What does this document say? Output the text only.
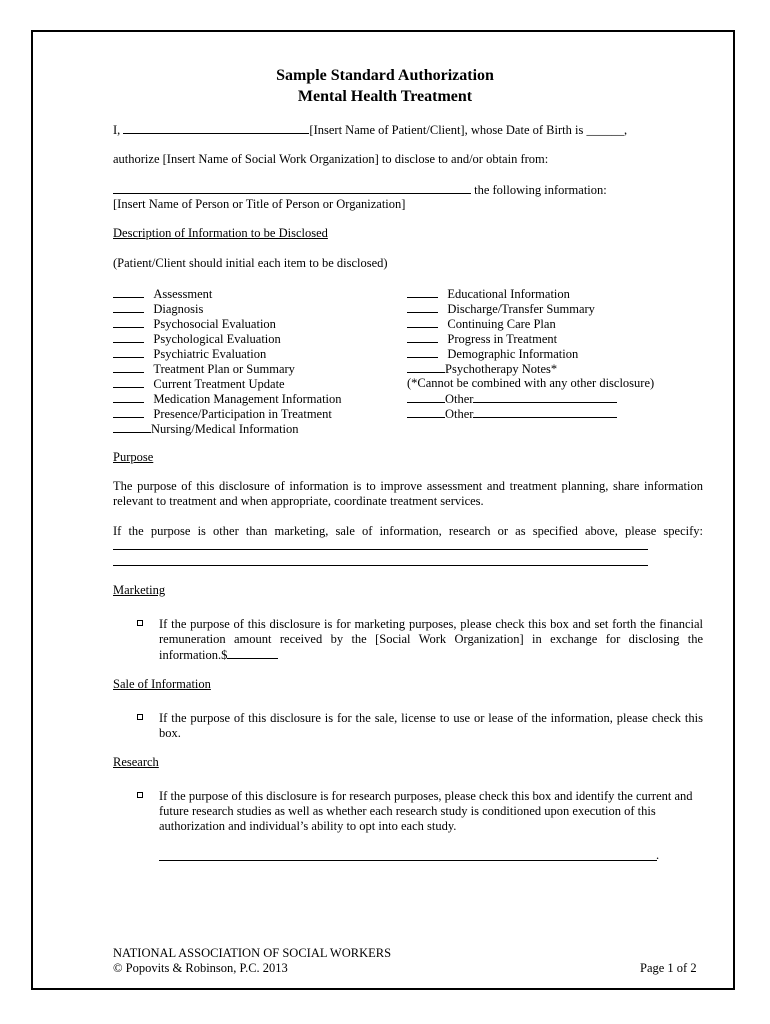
Sample Standard Authorization
Mental Health Treatment
I,	[Insert Name of Patient/Client], whose Date of Birth is ______,
authorize [Insert Name of Social Work Organization] to disclose to and/or obtain from:
the following information:
[Insert Name of Person or Title of Person or Organization]
Description of Information to be Disclosed
(Patient/Client should initial each item to be disclosed)
Assessment
Diagnosis
Psychosocial Evaluation
Psychological Evaluation
Psychiatric Evaluation
Treatment Plan or Summary
Current Treatment Update
Medication Management Information
Presence/Participation in Treatment
Nursing/Medical Information
Educational Information
Discharge/Transfer Summary
Continuing Care Plan
Progress in Treatment
Demographic Information
Psychotherapy Notes*
(*Cannot be combined with any other disclosure)
Other
Other
Purpose
The purpose of this disclosure of information is to improve assessment and treatment planning, share information relevant to treatment and when appropriate, coordinate treatment services.
If the purpose is other than marketing, sale of information, research or as specified above, please specify:
Marketing
If the purpose of this disclosure is for marketing purposes, please check this box and set forth the financial remuneration amount received by the [Social Work Organization] in exchange for disclosing the information.$
Sale of Information
If the purpose of this disclosure is for the sale, license to use or lease of the information, please check this box.
Research
If the purpose of this disclosure is for research purposes, please check this box and identify the current and future research studies as well as whether each research study is conditioned upon execution of this authorization and individual’s ability to opt into each study.
.
NATIONAL ASSOCIATION OF SOCIAL WORKERS
© Popovits & Robinson, P.C. 2013	Page 1 of 2
